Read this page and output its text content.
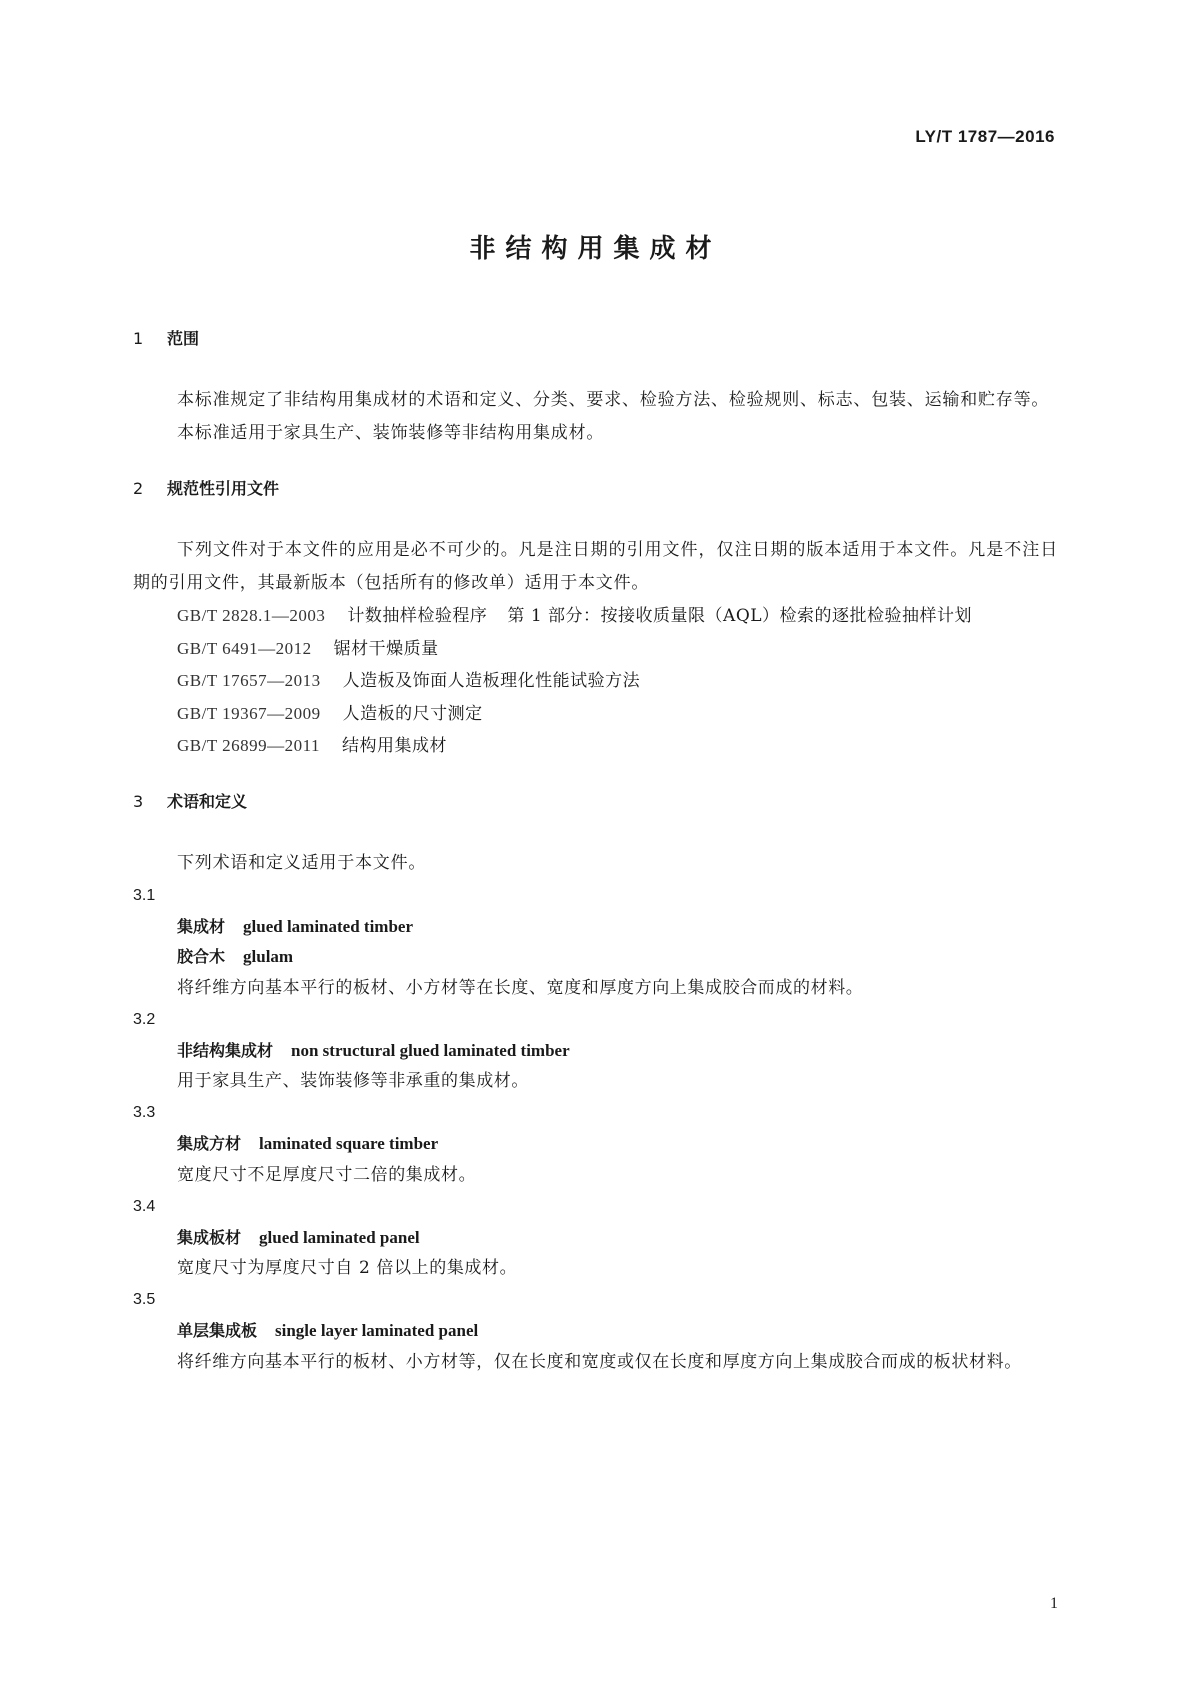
LY/T 1787—2016
非结构用集成材
1 范围

本标准规定了非结构用集成材的术语和定义、分类、要求、检验方法、检验规则、标志、包装、运输和贮存等。

本标准适用于家具生产、装饰装修等非结构用集成材。

2 规范性引用文件

下列文件对于本文件的应用是必不可少的。凡是注日期的引用文件，仅注日期的版本适用于本文件。凡是不注日期的引用文件，其最新版本（包括所有的修改单）适用于本文件。

GB/T 2828.1—2003 计数抽样检验程序 第 1 部分：按接收质量限（AQL）检索的逐批检验抽样计划

GB/T 6491—2012 锯材干燥质量

GB/T 17657—2013 人造板及饰面人造板理化性能试验方法

GB/T 19367—2009 人造板的尺寸测定

GB/T 26899—2011 结构用集成材

3 术语和定义

下列术语和定义适用于本文件。

3.1

集成材 glued laminated timber

胶合木 glulam

将纤维方向基本平行的板材、小方材等在长度、宽度和厚度方向上集成胶合而成的材料。

3.2

非结构集成材 non structural glued laminated timber

用于家具生产、装饰装修等非承重的集成材。

3.3

集成方材 laminated square timber

宽度尺寸不足厚度尺寸二倍的集成材。

3.4

集成板材 glued laminated panel

宽度尺寸为厚度尺寸自 2 倍以上的集成材。

3.5

单层集成板 single layer laminated panel

将纤维方向基本平行的板材、小方材等，仅在长度和宽度或仅在长度和厚度方向上集成胶合而成的板状材料。

1
